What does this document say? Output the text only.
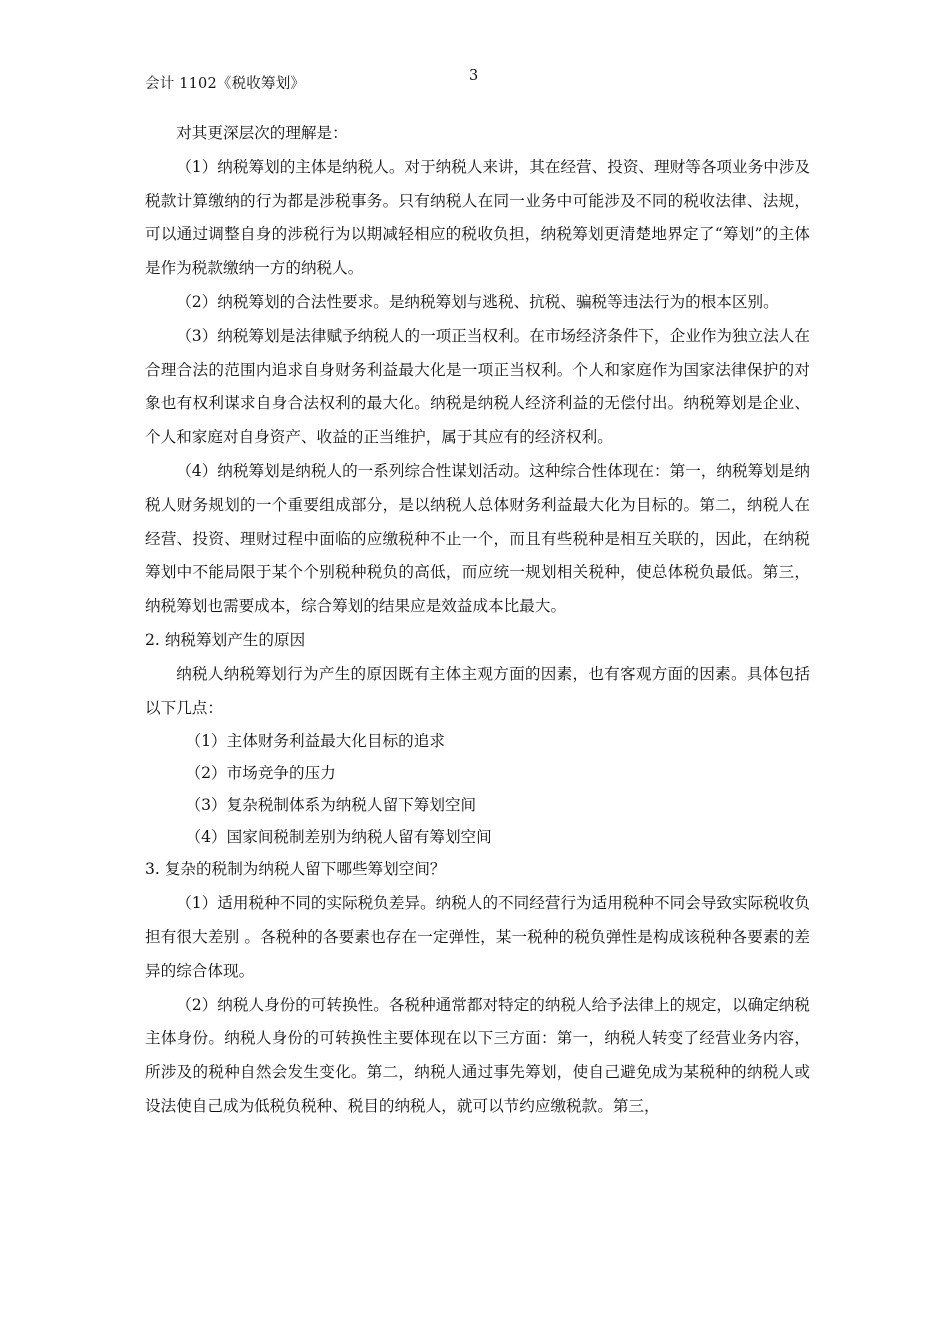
会计 1102《税收筹划》	3

对其更深层次的理解是：

（1）纳税筹划的主体是纳税人。对于纳税人来讲，其在经营、投资、理财等各项业务中涉及税款计算缴纳的行为都是涉税事务。只有纳税人在同一业务中可能涉及不同的税收法律、法规，可以通过调整自身的涉税行为以期减轻相应的税收负担，纳税筹划更清楚地界定了“筹划”的主体是作为税款缴纳一方的纳税人。

（2）纳税筹划的合法性要求。是纳税筹划与逃税、抗税、骗税等违法行为的根本区别。

（3）纳税筹划是法律赋予纳税人的一项正当权利。在市场经济条件下，企业作为独立法人在合理合法的范围内追求自身财务利益最大化是一项正当权利。个人和家庭作为国家法律保护的对象也有权利谋求自身合法权利的最大化。纳税是纳税人经济利益的无偿付出。纳税筹划是企业、个人和家庭对自身资产、收益的正当维护，属于其应有的经济权利。

（4）纳税筹划是纳税人的一系列综合性谋划活动。这种综合性体现在：第一，纳税筹划是纳税人财务规划的一个重要组成部分，是以纳税人总体财务利益最大化为目标的。第二，纳税人在经营、投资、理财过程中面临的应缴税种不止一个，而且有些税种是相互关联的，因此，在纳税筹划中不能局限于某个个别税种税负的高低，而应统一规划相关税种，使总体税负最低。第三，纳税筹划也需要成本，综合筹划的结果应是效益成本比最大。

2. 纳税筹划产生的原因

纳税人纳税筹划行为产生的原因既有主体主观方面的因素，也有客观方面的因素。具体包括以下几点：

（1）主体财务利益最大化目标的追求

（2）市场竞争的压力

（3）复杂税制体系为纳税人留下筹划空间

（4）国家间税制差别为纳税人留有筹划空间

3. 复杂的税制为纳税人留下哪些筹划空间？

（1）适用税种不同的实际税负差异。纳税人的不同经营行为适用税种不同会导致实际税收负担有很大差别 。各税种的各要素也存在一定弹性，某一税种的税负弹性是构成该税种各要素的差异的综合体现。

（2）纳税人身份的可转换性。各税种通常都对特定的纳税人给予法律上的规定，以确定纳税主体身份。纳税人身份的可转换性主要体现在以下三方面：第一，纳税人转变了经营业务内容，所涉及的税种自然会发生变化。第二，纳税人通过事先筹划，使自己避免成为某税种的纳税人或设法使自己成为低税负税种、税目的纳税人，就可以节约应缴税款。第三，
